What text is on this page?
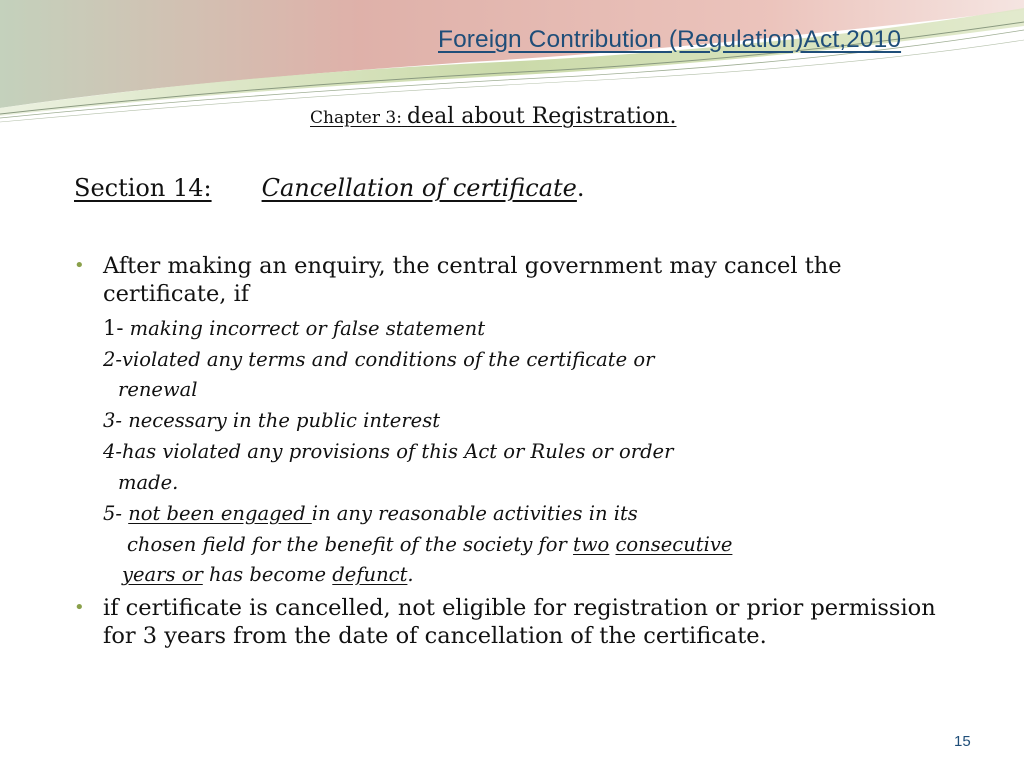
Foreign Contribution (Regulation)Act,2010
Chapter 3: deal about Registration.
Section 14: Cancellation of certificate.
• After making an enquiry, the central government may cancel the certificate, if
1- making incorrect or false statement
2-violated any terms and conditions of the certificate or
renewal
3- necessary in the public interest
4-has violated any provisions of this Act or Rules or order
made.
5- not been engaged in any reasonable activities in its
chosen field for the benefit of the society for two consecutive
years or has become defunct.
• if certificate is cancelled, not eligible for registration or prior permission for 3 years from the date of cancellation of the certificate.
15
